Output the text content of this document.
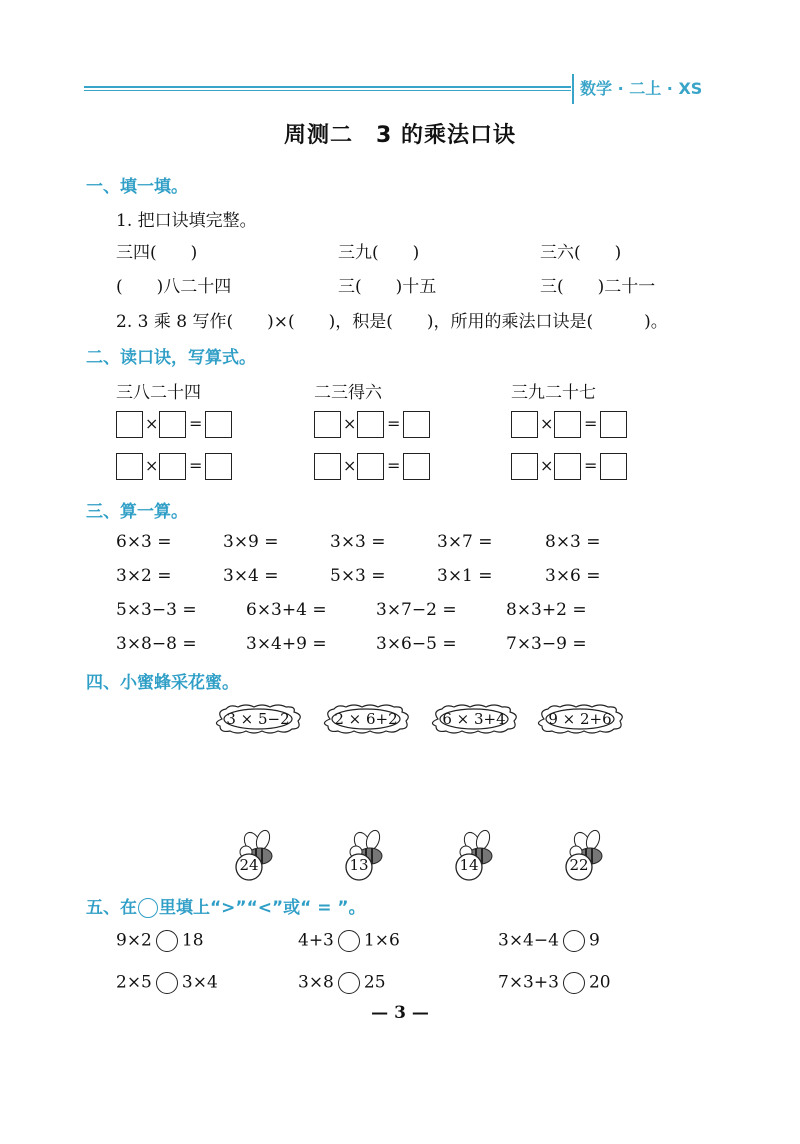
数学 · 二上 · XS
周测二　3 的乘法口诀
一、填一填。
1. 把口诀填完整。
三四(　　)	三九(　　)	三六(　　)
(　　)八二十四	三(　　)十五	三(　　)二十一
2. 3 乘 8 写作(　　)×(　　)，积是(　　)，所用的乘法口诀是(　　　)。
二、读口诀，写算式。
三八二十四	二三得六	三九二十七
× =	× =	× =
× =	× =	× =
三、算一算。
6×3 =	3×9 =	3×3 =	3×7 =	8×3 =
3×2 =	3×4 =	5×3 =	3×1 =	3×6 =
5×3−3 =	6×3+4 =	3×7−2 =	8×3+2 =
3×8−8 =	3×4+9 =	3×6−5 =	7×3−9 =
四、小蜜蜂采花蜜。
3 × 5−2	2 × 6+2	6 × 3+4	9 × 2+6
24	13	14	22
五、在 里填上“>”“<”或“ = ”。
9×2 18	4+3 1×6	3×4−4 9
2×5 3×4	3×8 25	7×3+3 20
— 3 —
